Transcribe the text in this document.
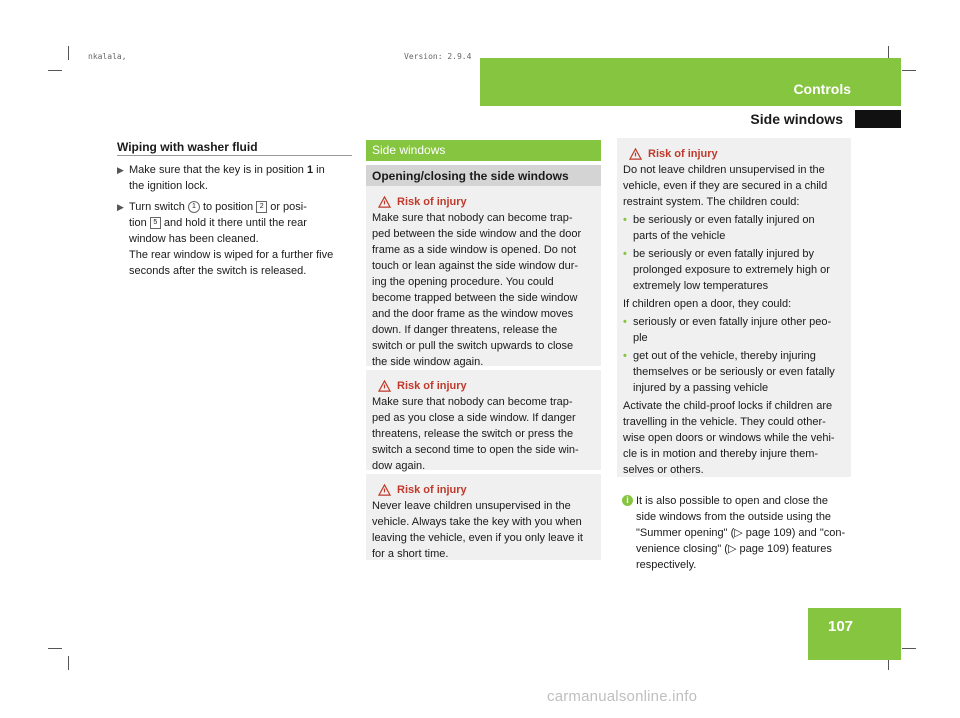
nkalala,	Version: 2.9.4
Controls
Side windows
107

Wiping with washer fluid

▶ Make sure that the key is in position 1 in

the ignition lock.

▶ Turn switch 1 to position 2 or posi-

tion 5 and hold it there until the rear

window has been cleaned.

The rear window is wiped for a further five

seconds after the switch is released.

Side windows
Opening/closing the side windows
Risk of injury

Make sure that nobody can become trap-

ped between the side window and the door

frame as a side window is opened. Do not

touch or lean against the side window dur-

ing the opening procedure. You could

become trapped between the side window

and the door frame as the window moves

down. If danger threatens, release the

switch or pull the switch upwards to close

the side window again.

Risk of injury

Make sure that nobody can become trap-

ped as you close a side window. If danger

threatens, release the switch or press the

switch a second time to open the side win-

dow again.

Risk of injury

Never leave children unsupervised in the

vehicle. Always take the key with you when

leaving the vehicle, even if you only leave it

for a short time.

Risk of injury

Do not leave children unsupervised in the

vehicle, even if they are secured in a child

restraint system. The children could:

• be seriously or even fatally injured on

parts of the vehicle

• be seriously or even fatally injured by

prolonged exposure to extremely high or

extremely low temperatures

If children open a door, they could:

• seriously or even fatally injure other peo-

ple

• get out of the vehicle, thereby injuring

themselves or be seriously or even fatally

injured by a passing vehicle

Activate the child-proof locks if children are

travelling in the vehicle. They could other-

wise open doors or windows while the vehi-

cle is in motion and thereby injure them-

selves or others.

i It is also possible to open and close the

side windows from the outside using the

"Summer opening" (▷ page 109) and "con-

venience closing" (▷ page 109) features

respectively.

carmanualsonline.info
